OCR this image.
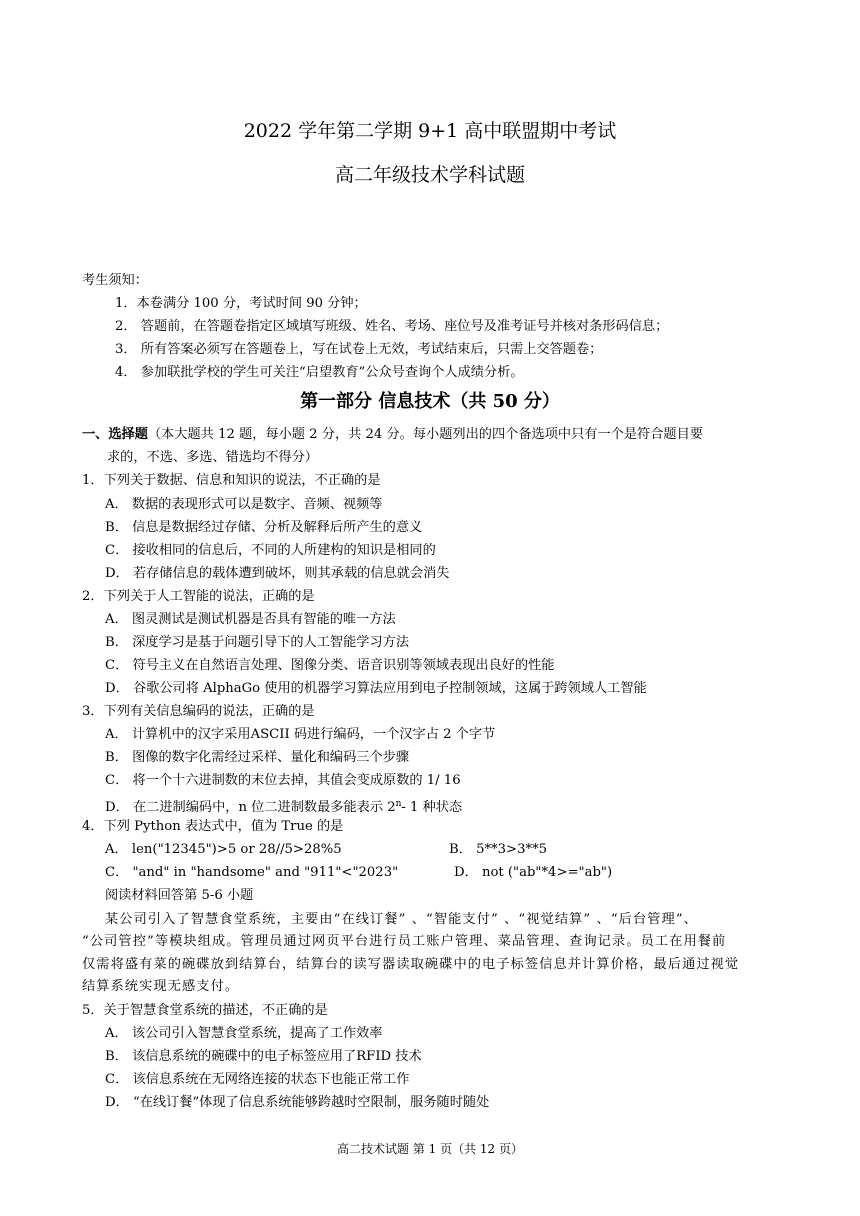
2022 学年第二学期 9+1 高中联盟期中考试
高二年级技术学科试题
考生须知：
1．本卷满分 100 分，考试时间 90 分钟；
2． 答题前，在答题卷指定区域填写班级、姓名、考场、座位号及准考证号并核对条形码信息；
3． 所有答案必须写在答题卷上，写在试卷上无效，考试结束后，只需上交答题卷；
4． 参加联批学校的学生可关注“启望教育”公众号查询个人成绩分析。
第一部分 信息技术（共 50 分）
一、选择题（本大题共 12 题，每小题 2 分，共 24 分。每小题列出的四个备选项中只有一个是符合题目要
求的，不选、多选、错选均不得分）
1．下列关于数据、信息和知识的说法，不正确的是
A． 数据的表现形式可以是数字、音频、视频等
B． 信息是数据经过存储、分析及解释后所产生的意义
C． 接收相同的信息后，不同的人所建构的知识是相同的
D． 若存储信息的载体遭到破坏，则其承载的信息就会消失
2．下列关于人工智能的说法，正确的是
A． 图灵测试是测试机器是否具有智能的唯一方法
B． 深度学习是基于问题引导下的人工智能学习方法
C． 符号主义在自然语言处理、图像分类、语音识别等领域表现出良好的性能
D． 谷歌公司将 AlphaGo 使用的机器学习算法应用到电子控制领域，这属于跨领域人工智能
3．下列有关信息编码的说法，正确的是
A． 计算机中的汉字采用ASCII 码进行编码，一个汉字占 2 个字节
B． 图像的数字化需经过采样、量化和编码三个步骤
C． 将一个十六进制数的末位去掉，其值会变成原数的 1/ 16
D． 在二进制编码中，n 位二进制数最多能表示 2$^n$- 1 种状态
4．下列 Python 表达式中，值为 True 的是
A． len("12345")>5 or 28//5>28%5	B． 5**3>3**5
C． "and" in "handsome" and "911"<"2023"	D． not ("ab"*4>="ab")
阅读材料回答第 5-6 小题
某公司引入了智慧食堂系统，主要由“在线订餐” 、“智能支付” 、“视觉结算” 、“后台管理”、
“公司管控”等模块组成。管理员通过网页平台进行员工账户管理、菜品管理、查询记录。员工在用餐前
仅需将盛有菜的碗碟放到结算台，结算台的读写器读取碗碟中的电子标签信息并计算价格，最后通过视觉
结算系统实现无感支付。
5．关于智慧食堂系统的描述，不正确的是
A． 该公司引入智慧食堂系统，提高了工作效率
B． 该信息系统的碗碟中的电子标签应用了RFID 技术
C． 该信息系统在无网络连接的状态下也能正常工作
D． “在线订餐”体现了信息系统能够跨越时空限制，服务随时随处
高二技术试题 第 1 页（共 12 页）
